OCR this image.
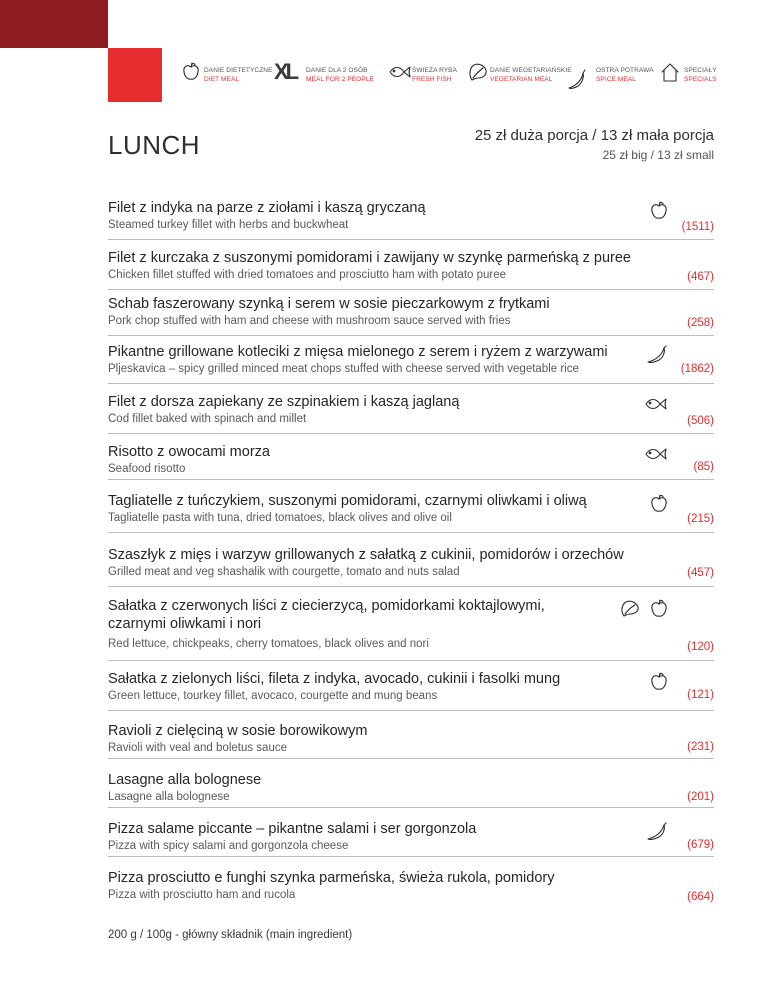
DANIE DIETETYCZNE
DIET MEAL	XL DANIE DLA 2 OSÓB
MEAL FOR 2 PEOPLE
ŚWIEŻA RYBA
FRESH FISH
DANIE WEGETARIAŃSKIE
VEGETARIAN MEAL
OSTRA POTRAWA
SPICE MEAL
SPECIAŁY
SPECIALS
LUNCH	25 zł duża porcja / 13 zł mała porcja

25 zł big / 13 zł small

Filet z indyka na parze z ziołami i kaszą gryczaną
Steamed turkey fillet with herbs and buckwheat	(1511)
Filet z kurczaka z suszonymi pomidorami i zawijany w szynkę parmeńską z puree
Chicken fillet stuffed with dried tomatoes and prosciutto ham with potato puree	(467)
Schab faszerowany szynką i serem w sosie pieczarkowym z frytkami
Pork chop stuffed with ham and cheese with mushroom sauce served with fries	(258)
Pikantne grillowane kotleciki z mięsa mielonego z serem i ryżem z warzywami
Pljeskavica – spicy grilled minced meat chops stuffed with cheese served with vegetable rice	(1862)
Filet z dorsza zapiekany ze szpinakiem i kaszą jaglaną
Cod fillet baked with spinach and millet	(506)
Risotto z owocami morza
Seafood risotto	(85)
Tagliatelle z tuńczykiem, suszonymi pomidorami, czarnymi oliwkami i oliwą
Tagliatelle pasta with tuna, dried tomatoes, black olives and olive oil	(215)
Szaszłyk z mięs i warzyw grillowanych z sałatką z cukinii, pomidorów i orzechów
Grilled meat and veg shashalik with courgette, tomato and nuts salad	(457)
Sałatka z czerwonych liści z ciecierzycą, pomidorkami koktajlowymi, czarnymi oliwkami i nori
Red lettuce, chickpeaks, cherry tomatoes, black olives and nori	(120)
Sałatka z zielonych liści, fileta z indyka, avocado, cukinii i fasolki mung
Green lettuce, tourkey fillet, avocaco, courgette and mung beans	(121)
Ravioli z cielęciną w sosie borowikowym
Ravioli with veal and boletus sauce	(231)
Lasagne alla bolognese
Lasagne alla bolognese	(201)
Pizza salame piccante – pikantne salami i ser gorgonzola
Pizza with spicy salami and gorgonzola cheese	(679)
Pizza prosciutto e funghi szynka parmeńska, świeża rukola, pomidory
Pizza with prosciutto ham and rucola	(664)

200 g / 100g - główny składnik (main ingredient)
